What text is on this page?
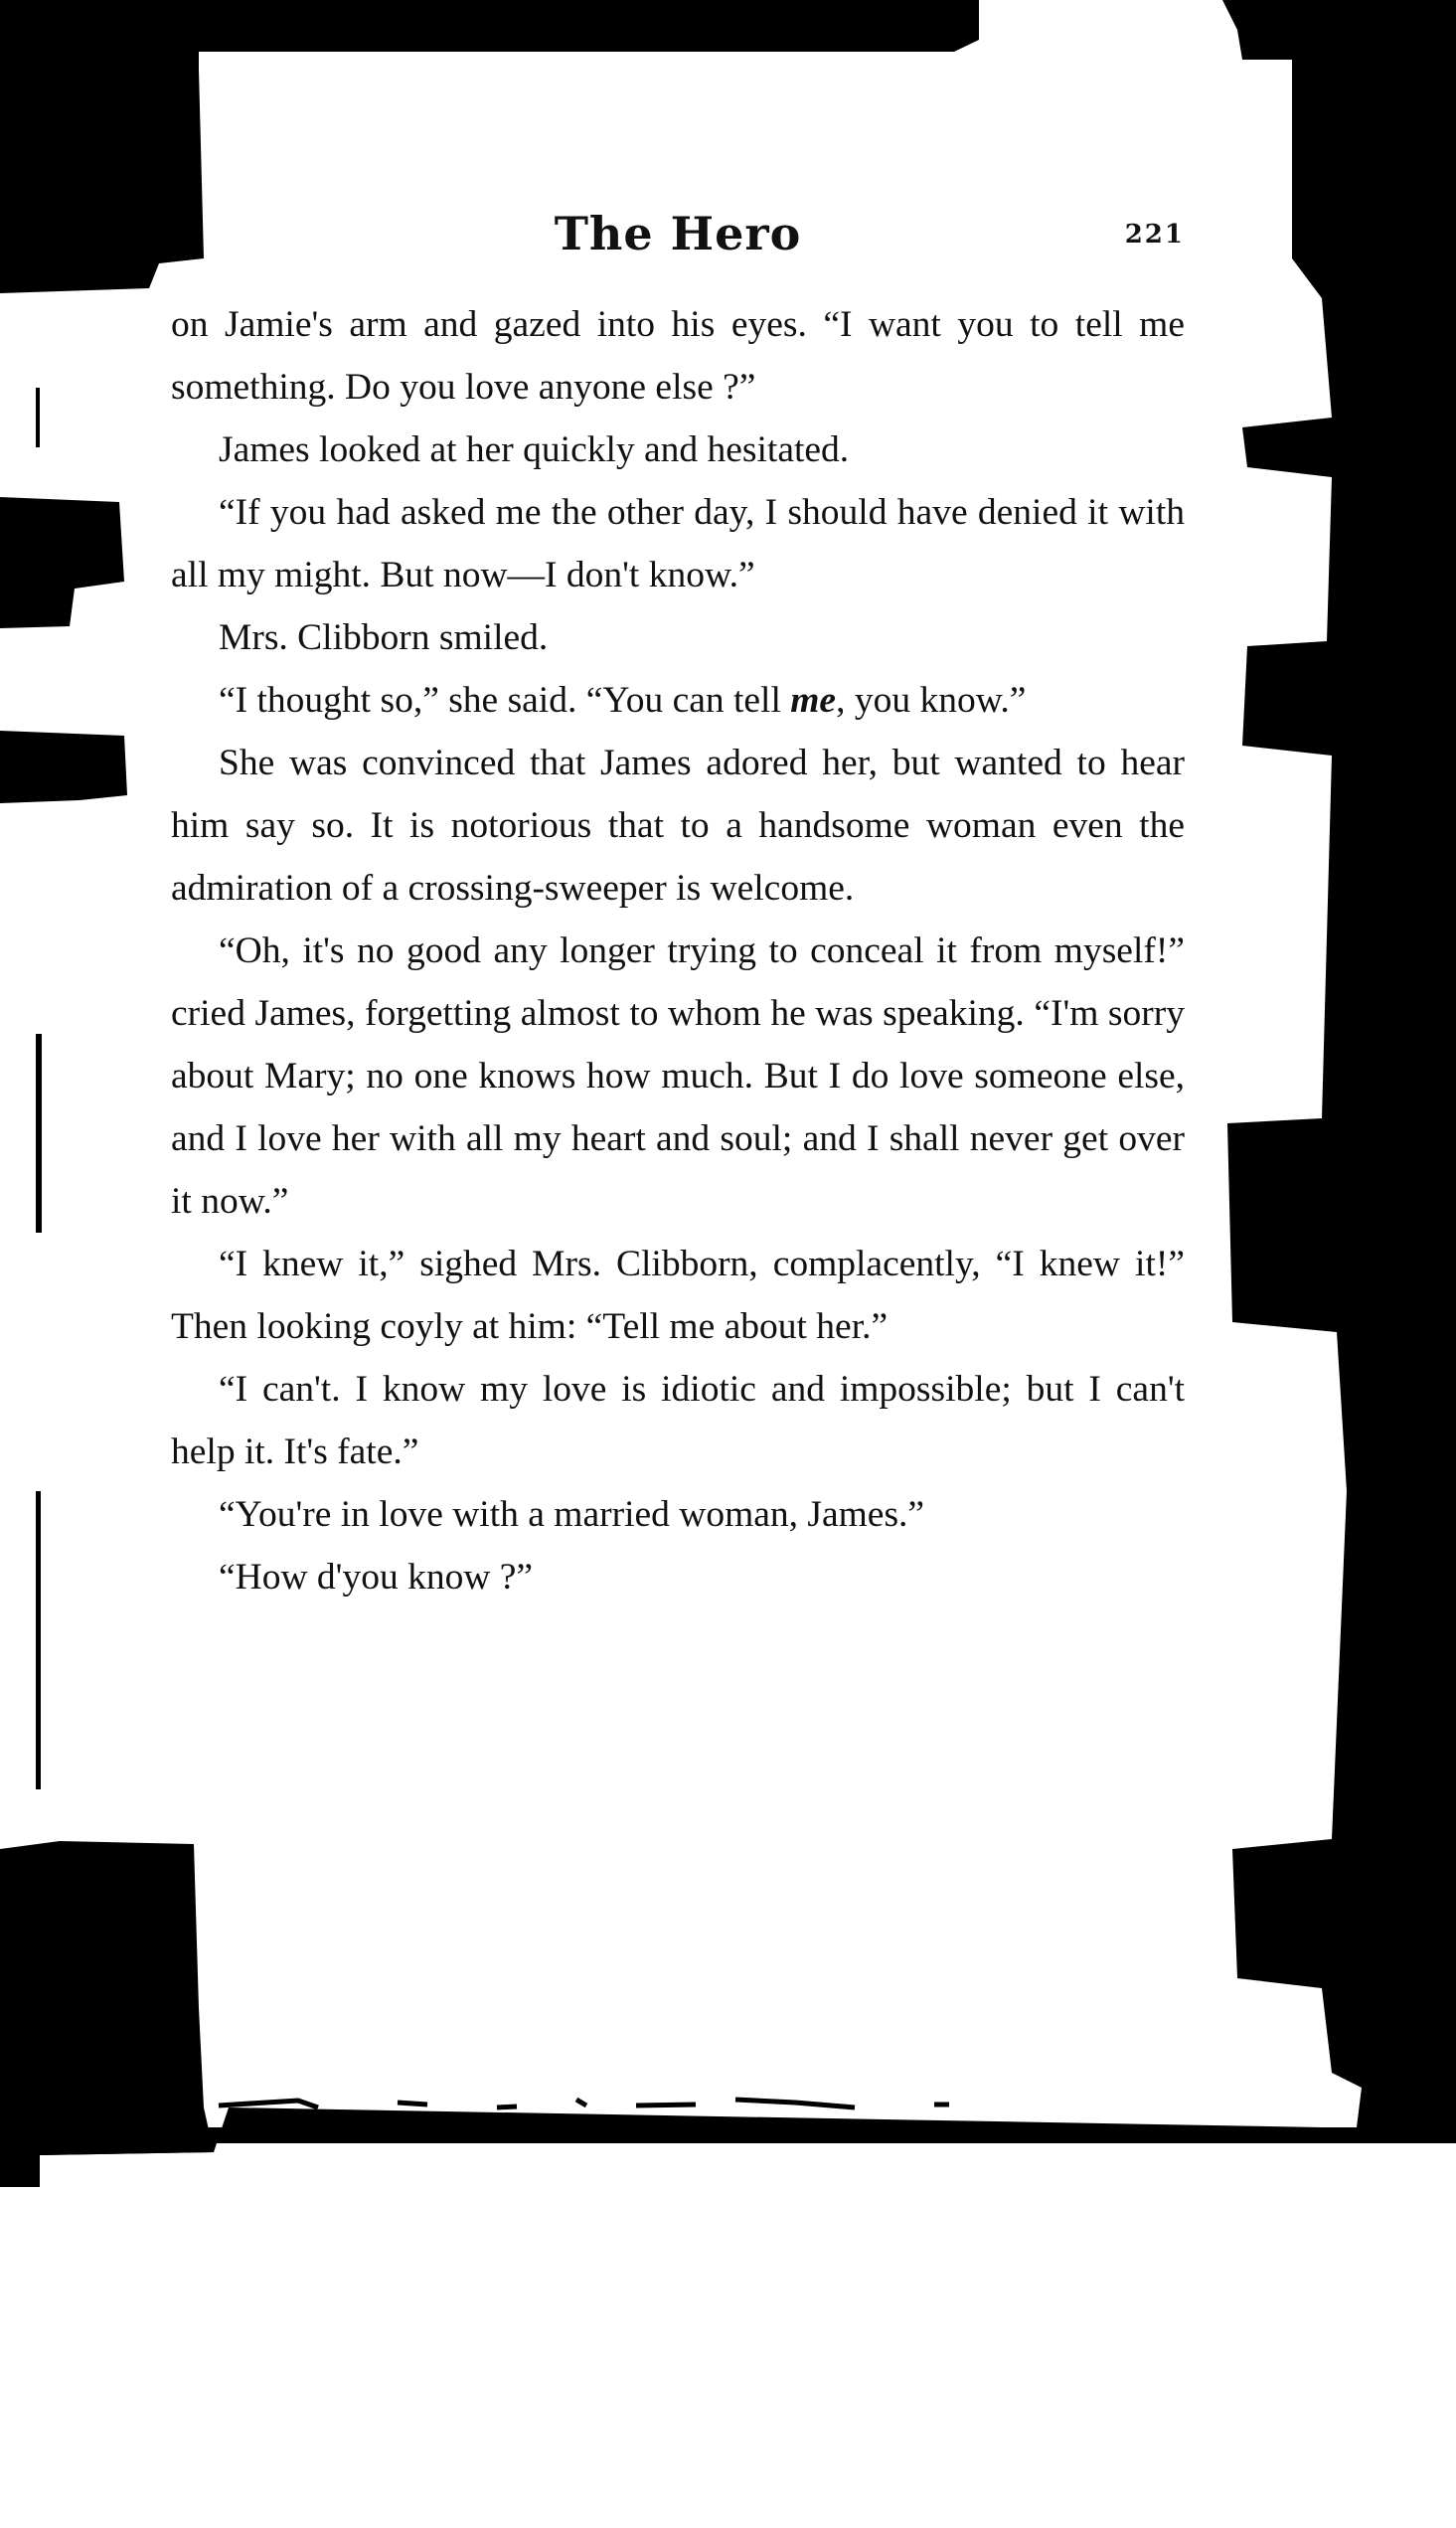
The Hero	221

on Jamie's arm and gazed into his eyes. “I want you to tell me something. Do you love anyone else ?”

James looked at her quickly and hesitated.

“If you had asked me the other day, I should have denied it with all my might. But now—I don't know.”

Mrs. Clibborn smiled.

“I thought so,” she said. “You can tell me, you know.”

She was convinced that James adored her, but wanted to hear him say so. It is notorious that to a handsome woman even the admiration of a crossing-sweeper is welcome.

“Oh, it's no good any longer trying to conceal it from myself!” cried James, forgetting almost to whom he was speaking. “I'm sorry about Mary; no one knows how much. But I do love someone else, and I love her with all my heart and soul; and I shall never get over it now.”

“I knew it,” sighed Mrs. Clibborn, complacently, “I knew it!” Then looking coyly at him: “Tell me about her.”

“I can't. I know my love is idiotic and impossible; but I can't help it. It's fate.”

“You're in love with a married woman, James.”

“How d'you know ?”
